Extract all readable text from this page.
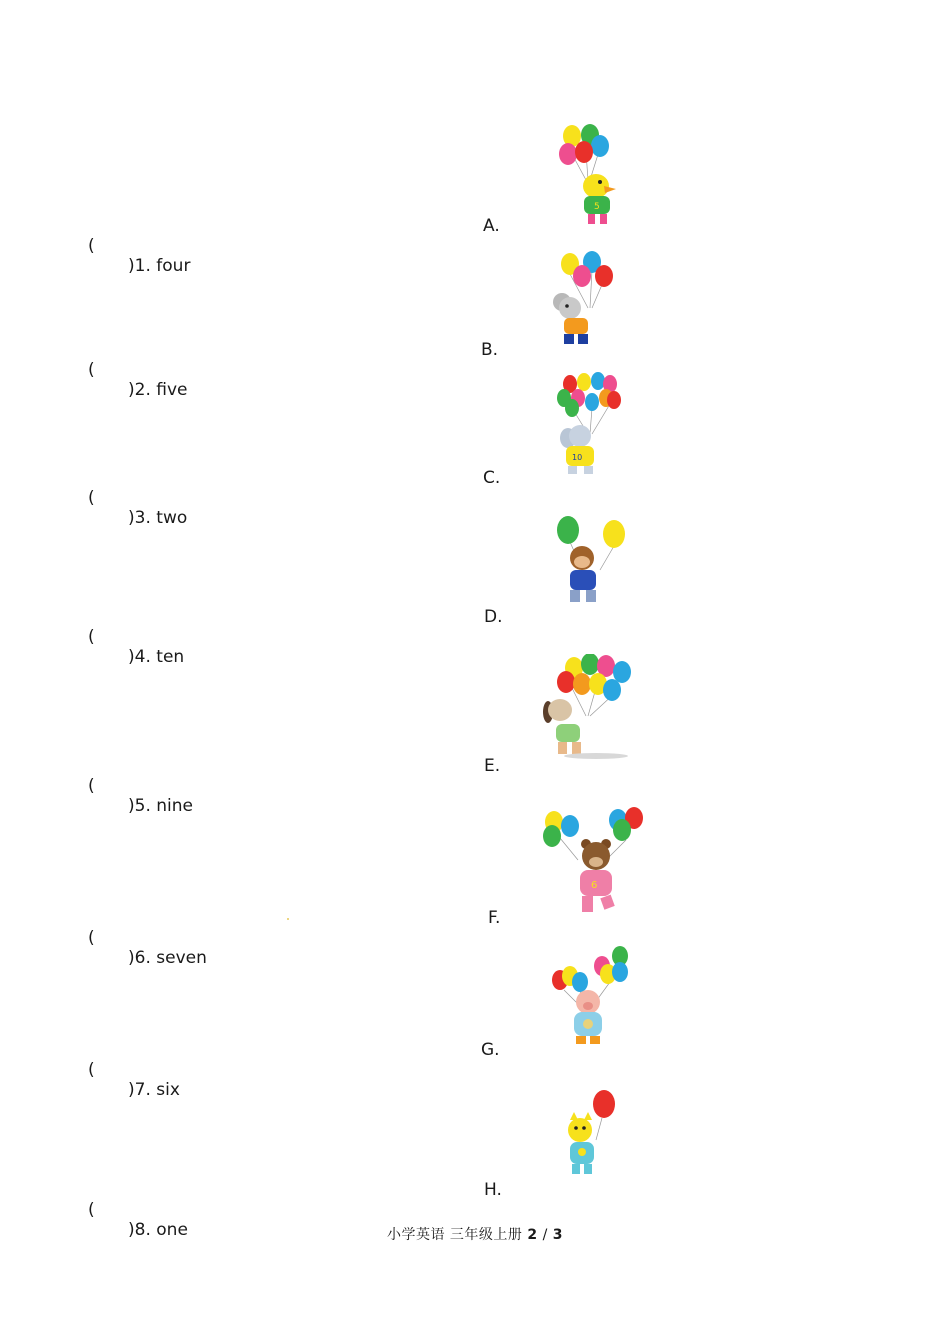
(

)1. four

A.
5

(

)2. five

B.

(

)3. two

C.
10

(

)4. ten

D.

(

)5. nine

E.

(

)6. seven

F.
6

(

)7. six

G.

(

)8. one

H.
小学英语 三年级上册 2 / 3
